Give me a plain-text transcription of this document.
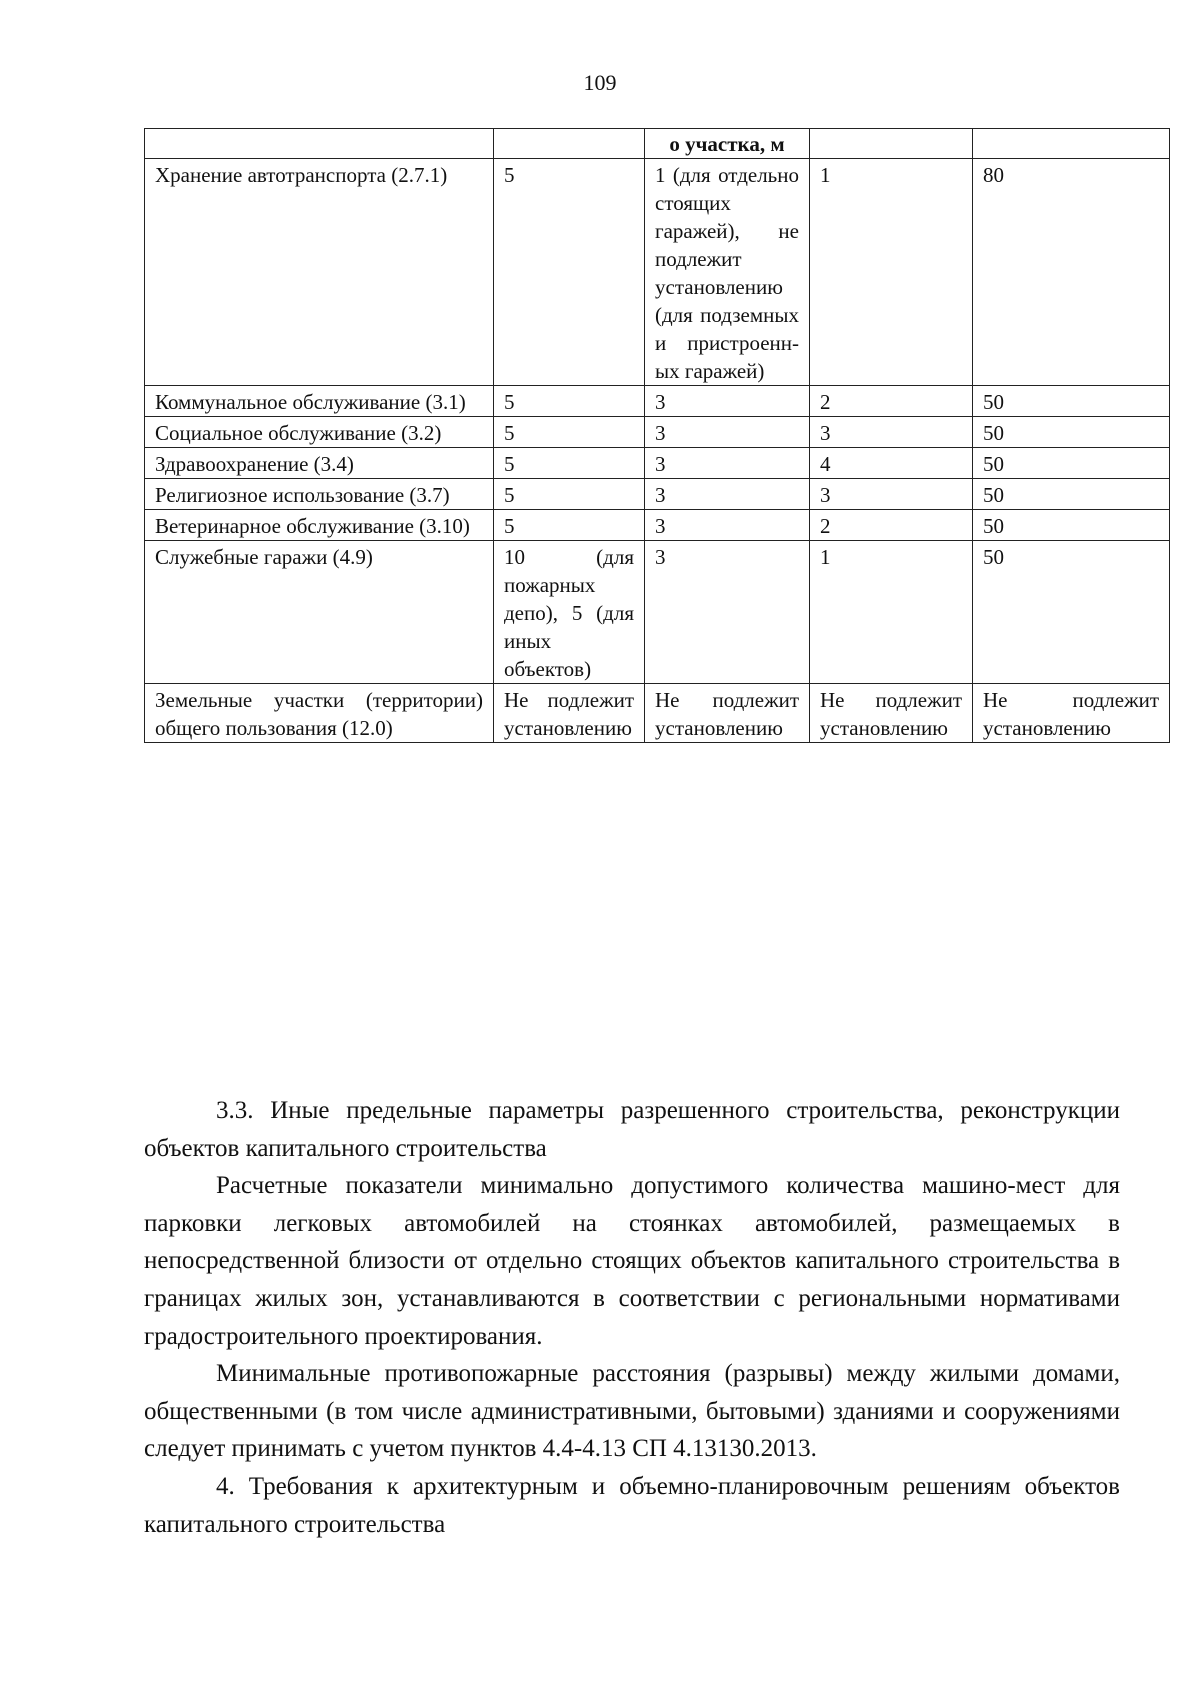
109
		о участка, м		
Хранение автотранспорта (2.7.1)	5	1 (для отдельно стоящих гаражей), не подлежит установлению (для подземных и пристроенных гаражей)	1	80
Коммунальное обслуживание (3.1)	5	3	2	50
Социальное обслуживание (3.2)	5	3	3	50
Здравоохранение (3.4)	5	3	4	50
Религиозное использование (3.7)	5	3	3	50
Ветеринарное обслуживание (3.10)	5	3	2	50
Служебные гаражи (4.9)	10 (для пожарных депо), 5 (для иных объектов)	3	1	50
Земельные участки (территории) общего пользования (12.0)	Не подлежит установлению	Не подлежит установлению	Не подлежит установлению	Не подлежит установлению

3.3. Иные предельные параметры разрешенного строительства, реконструкции объектов капитального строительства

Расчетные показатели минимально допустимого количества машино-мест для парковки легковых автомобилей на стоянках автомобилей, размещаемых в непосредственной близости от отдельно стоящих объектов капитального строительства в границах жилых зон, устанавливаются в соответствии с региональными нормативами градостроительного проектирования.

Минимальные противопожарные расстояния (разрывы) между жилыми домами, общественными (в том числе административными, бытовыми) зданиями и сооружениями следует принимать с учетом пунктов 4.4-4.13 СП 4.13130.2013.

4. Требования к архитектурным и объемно-планировочным решениям объектов капитального строительства
